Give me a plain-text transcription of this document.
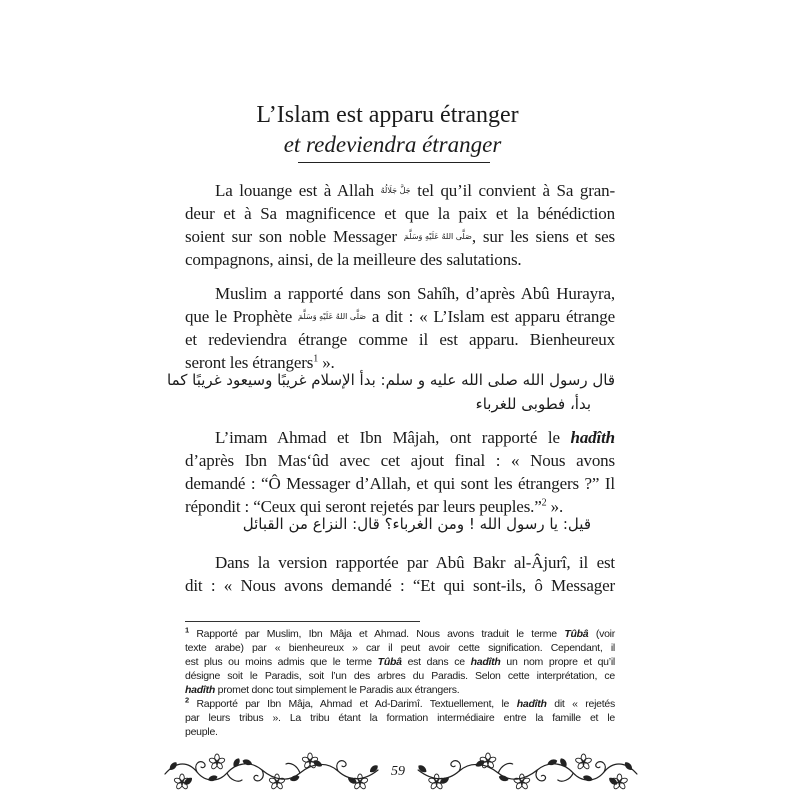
L’Islam est apparu étranger
et redeviendra étranger
La louange est à Allah جَلَّ جَلَالُهُ tel qu’il convient à Sa gran-
deur et à Sa magnificence et que la paix et la bénédiction
soient sur son noble Messager صَلَّى اللهُ عَلَيْهِ وَسَلَّمَ, sur les siens et ses
compagnons, ainsi, de la meilleure des salutations.
Muslim a rapporté dans son Sahîh, d’après Abû Hurayra,
que le Prophète صَلَّى اللهُ عَلَيْهِ وَسَلَّمَ a dit : « L’Islam est apparu étrange
et redeviendra étrange comme il est apparu. Bienheureux
seront les étrangers$^1$ ».
قال رسول الله صلى الله عليه و سلم: بدأ الإسلام غريبًا وسيعود غريبًا كما
بدأ، فطوبى للغرباء
L’imam Ahmad et Ibn Mâjah, ont rapporté le hadîth
d’après Ibn Mas‘ûd avec cet ajout final : « Nous avons
demandé : “Ô Messager d’Allah, et qui sont les étrangers ?” Il
répondit : “Ceux qui seront rejetés par leurs peuples.”$^2$ ».
قيل: يا رسول الله ! ومن الغرباء؟ قال: النزاع من القبائل
Dans la version rapportée par Abû Bakr al-Âjurî, il est
dit : « Nous avons demandé : “Et qui sont-ils, ô Messager
$^1$ Rapporté par Muslim, Ibn Mâja et Ahmad. Nous avons traduit le terme Tûbâ (voir
texte arabe) par « bienheureux » car il peut avoir cette signification. Cependant, il
est plus ou moins admis que le terme Tûbâ est dans ce hadîth un nom propre et qu’il
désigne soit le Paradis, soit l’un des arbres du Paradis. Selon cette interprétation, ce
hadîth promet donc tout simplement le Paradis aux étrangers.
$^2$ Rapporté par Ibn Mâja, Ahmad et Ad-Darimî. Textuellement, le hadîth dit « rejetés
par leurs tribus ». La tribu étant la formation intermédiaire entre la famille et le
peuple.
59
